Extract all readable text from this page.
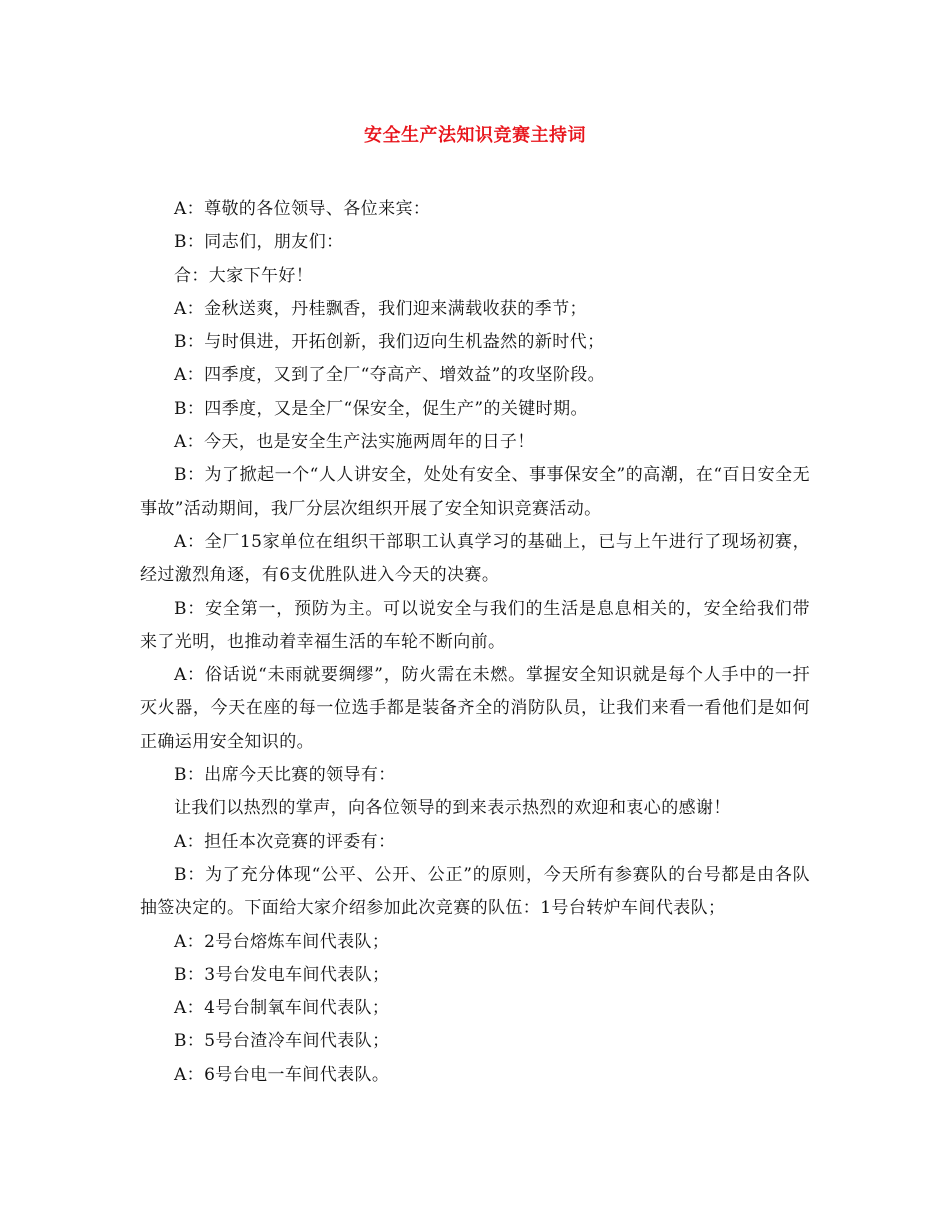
安全生产法知识竞赛主持词

A：尊敬的各位领导、各位来宾：

B：同志们，朋友们：

合：大家下午好！

A：金秋送爽，丹桂飘香，我们迎来满载收获的季节；

B：与时俱进，开拓创新，我们迈向生机盎然的新时代；

A：四季度，又到了全厂“夺高产、增效益”的攻坚阶段。

B：四季度，又是全厂“保安全，促生产”的关键时期。

A：今天，也是安全生产法实施两周年的日子！

B：为了掀起一个“人人讲安全，处处有安全、事事保安全”的高潮，在“百日安全无事故”活动期间，我厂分层次组织开展了安全知识竞赛活动。

A：全厂15家单位在组织干部职工认真学习的基础上，已与上午进行了现场初赛，经过激烈角逐，有6支优胜队进入今天的决赛。

B：安全第一，预防为主。可以说安全与我们的生活是息息相关的，安全给我们带来了光明，也推动着幸福生活的车轮不断向前。

A：俗话说“未雨就要绸缪”，防火需在未燃。掌握安全知识就是每个人手中的一扞灭火器，今天在座的每一位选手都是装备齐全的消防队员，让我们来看一看他们是如何正确运用安全知识的。

B：出席今天比赛的领导有：

让我们以热烈的掌声，向各位领导的到来表示热烈的欢迎和衷心的感谢！

A：担任本次竞赛的评委有：

B：为了充分体现“公平、公开、公正”的原则，今天所有参赛队的台号都是由各队抽签决定的。下面给大家介绍参加此次竞赛的队伍：1号台转炉车间代表队；

A：2号台熔炼车间代表队；

B：3号台发电车间代表队；

A：4号台制氧车间代表队；

B：5号台渣冷车间代表队；

A：6号台电一车间代表队。
